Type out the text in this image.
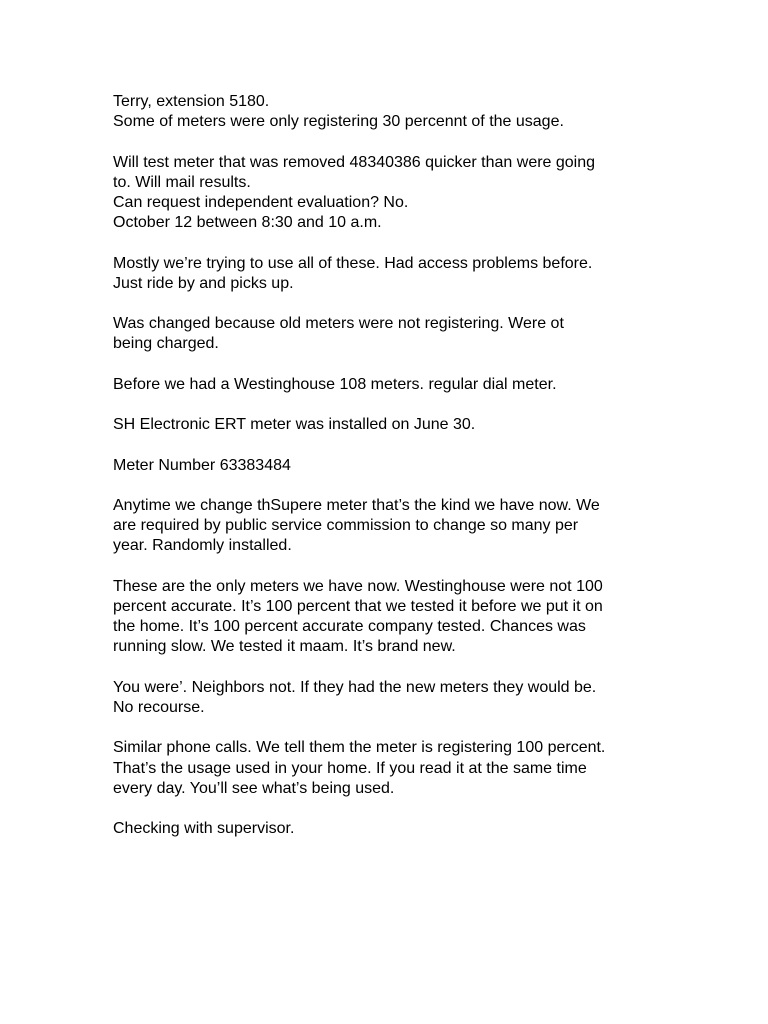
Terry, extension 5180.
Some of meters were only registering 30 percennt of the usage.
Will test meter that was removed 48340386 quicker than were going
to. Will mail results.
Can request independent evaluation? No.
October 12 between 8:30 and 10 a.m.
Mostly we’re trying to use all of these. Had access problems before.
Just ride by and picks up.
Was changed because old meters were not registering. Were ot
being charged.
Before we had a Westinghouse 108 meters. regular dial meter.
SH Electronic ERT meter was installed on June 30.
Meter Number 63383484
Anytime we change thSupere meter that’s the kind we have now. We
are required by public service commission to change so many per
year. Randomly installed.
These are the only meters we have now. Westinghouse were not 100
percent accurate. It’s 100 percent that we tested it before we put it on
the home. It’s 100 percent accurate company tested. Chances was
running slow. We tested it maam. It’s brand new.
You were’. Neighbors not. If they had the new meters they would be.
No recourse.
Similar phone calls. We tell them the meter is registering 100 percent.
That’s the usage used in your home. If you read it at the same time
every day. You’ll see what’s being used.
Checking with supervisor.
